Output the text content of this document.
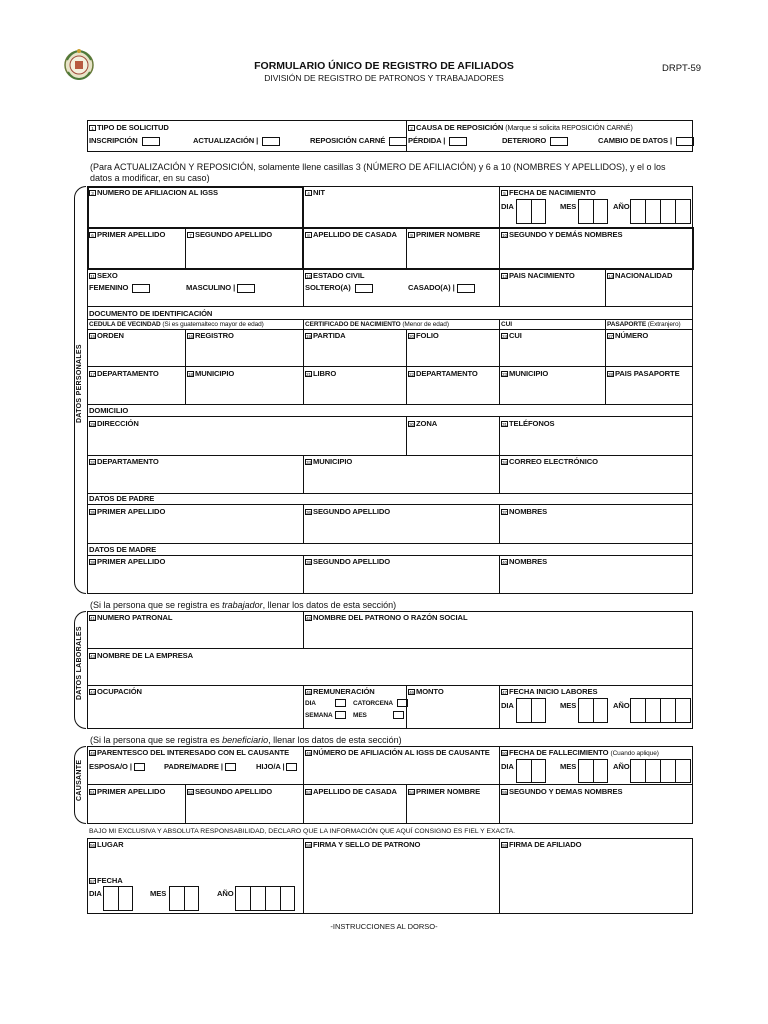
FORMULARIO ÚNICO DE REGISTRO DE AFILIADOS
DIVISIÓN DE REGISTRO DE PATRONOS Y TRABAJADORES
DRPT-59
1 TIPO DE SOLICITUD
INSCRIPCIÓN	ACTUALIZACIÓN |	REPOSICIÓN CARNÉ
2 CAUSA DE REPOSICIÓN (Marque si solicita REPOSICIÓN CARNÉ)
PÉRDIDA |	DETERIORO	CAMBIO DE DATOS |
(Para ACTUALIZACIÓN Y REPOSICIÓN, solamente llene casillas 3 (NÚMERO DE AFILIACIÓN) y 6 a 10 (NOMBRES Y APELLIDOS), y el o los
datos a modificar, en su caso)
DATOS PERSONALES
3 NUMERO DE AFILIACION AL IGSS	4 NIT	5 FECHA DE NACIMIENTO
DIA	MES	AÑO
6 PRIMER APELLIDO	7 SEGUNDO APELLIDO	8 APELLIDO DE CASADA	9 PRIMER NOMBRE	10 SEGUNDO Y DEMÁS NOMBRES
11 SEXO
FEMENINO	MASCULINO |
12 ESTADO CIVIL
SOLTERO(A)	CASADO(A) |
13 PAIS NACIMIENTO	14 NACIONALIDAD
DOCUMENTO DE IDENTIFICACIÓN
CEDULA DE VECINDAD (Si es guatemalteco mayor de edad)	CERTIFICADO DE NACIMIENTO (Menor de edad)	CUI	PASAPORTE (Extranjero)
15 ORDEN	16 REGISTRO	19 PARTIDA	20 FOLIO	24 CUI	27 NÚMERO
17 DEPARTAMENTO	18 MUNICIPIO	21 LIBRO	22 DEPARTAMENTO	23 MUNICIPIO	28 PAIS PASAPORTE
DOMICILIO
29 DIRECCIÓN	30 ZONA	31 TELÉFONOS
32 DEPARTAMENTO	33 MUNICIPIO	34 CORREO ELECTRÓNICO
DATOS DE PADRE
35 PRIMER APELLIDO	36 SEGUNDO APELLIDO	37 NOMBRES
DATOS DE MADRE
38 PRIMER APELLIDO	39 SEGUNDO APELLIDO	40 NOMBRES
(Si la persona que se registra es trabajador, llenar los datos de esta sección)
DATOS LABORALES
41 NUMERO PATRONAL	42 NOMBRE DEL PATRONO O RAZÓN SOCIAL
43 NOMBRE DE LA EMPRESA
44 OCUPACIÓN	45 REMUNERACIÓN
DIA	CATORCENA
SEMANA	MES
46 MONTO	47 FECHA INICIO LABORES
DIA	MES	AÑO
(Si la persona que se registra es beneficiario, llenar los datos de esta sección)
CAUSANTE
48 PARENTESCO DEL INTERESADO CON EL CAUSANTE
ESPOSA/O |	PADRE/MADRE |	HIJO/A |
49 NÚMERO DE AFILIACIÓN AL IGSS DE CAUSANTE	50 FECHA DE FALLECIMIENTO (Cuando aplique)
DIA	MES	AÑO
51 PRIMER APELLIDO	52 SEGUNDO APELLIDO	53 APELLIDO DE CASADA	54 PRIMER NOMBRE	55 SEGUNDO Y DEMAS NOMBRES
BAJO MI EXCLUSIVA Y ABSOLUTA RESPONSABILIDAD, DECLARO QUE LA INFORMACIÓN QUE AQUÍ CONSIGNO ES FIEL Y EXACTA.
56 LUGAR	58 FIRMA Y SELLO DE PATRONO	59 FIRMA DE AFILIADO
57 FECHA
DIA	MES	AÑO
-INSTRUCCIONES AL DORSO-
